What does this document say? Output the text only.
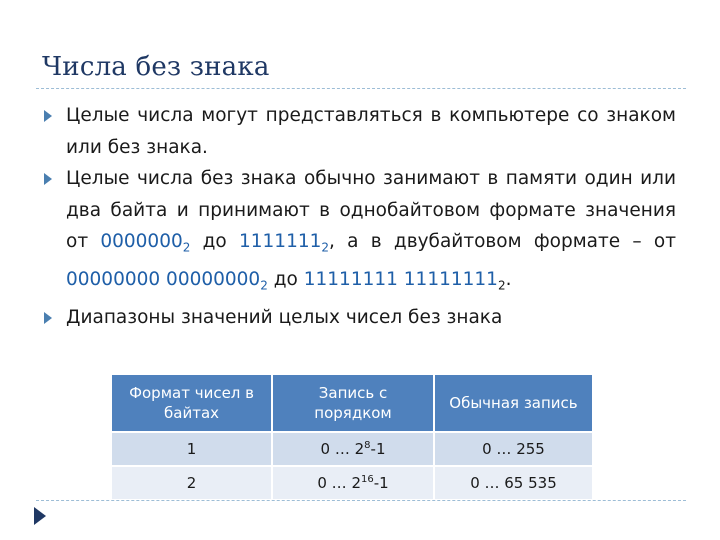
Числа без знака
Целые числа могут представляться в компьютере со знаком или без знака.
Целые числа без знака обычно занимают в памяти один или два байта и принимают в однобайтовом формате значения от $0000000_2$ до $1111111_2$, а в двубайтовом формате – от 00000000 $00000000_2$ до 11111111 $11111111_2$.
Диапазоны значений целых чисел без знака
Формат чисел в байтах	Запись с порядком	Обычная запись
1	0 … $2^8-1$	0 … 255
2	0 … $2^{16}-1$	0 … 65 535
